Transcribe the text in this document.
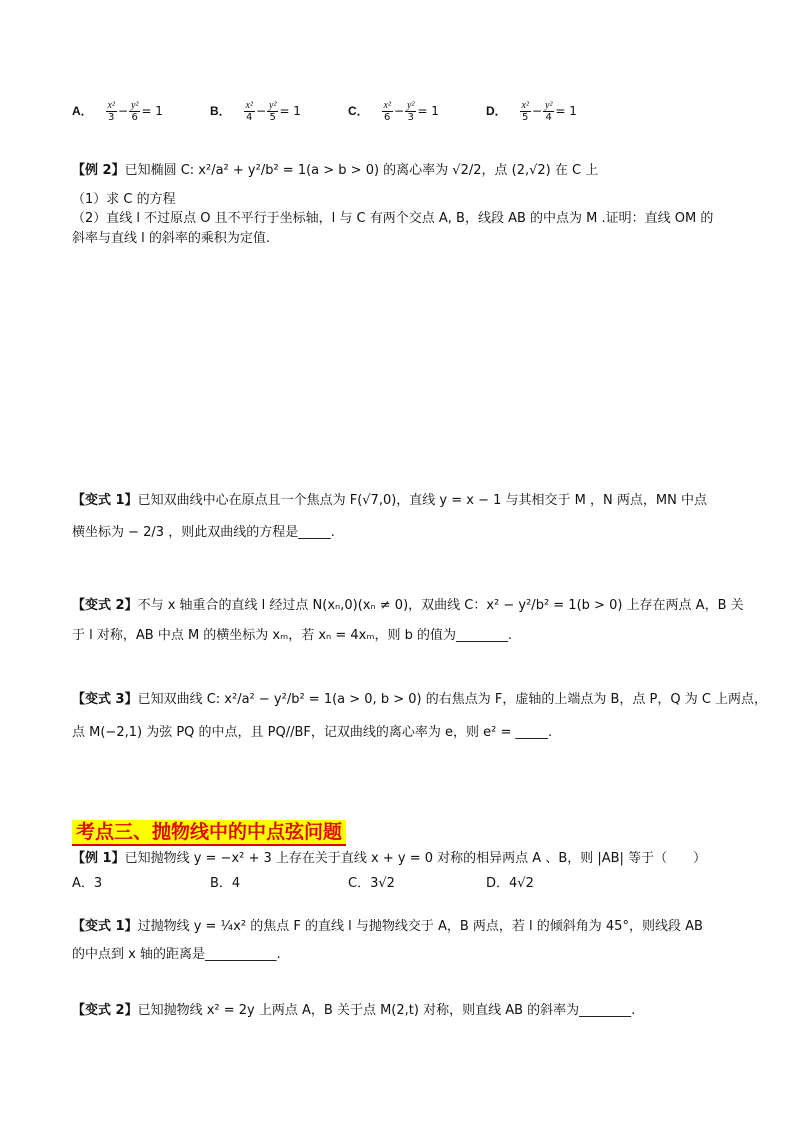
A． $\frac{\text{x²}}{3} - \frac{\text{y²}}{6} = 1$	B． $\frac{\text{x²}}{4} - \frac{\text{y²}}{5} = 1$	C． $\frac{\text{x²}}{6} - \frac{\text{y²}}{3} = 1$	D． $\frac{\text{x²}}{5} - \frac{\text{y²}}{4} = 1$
【例 2】已知椭圆 C: x²/a² + y²/b² = 1(a > b > 0) 的离心率为 √2/2，点 (2,√2) 在 C 上
（1）求 C 的方程
（2）直线 l 不过原点 O 且不平行于坐标轴，l 与 C 有两个交点 A, B，线段 AB 的中点为 M .证明：直线 OM 的
斜率与直线 l 的斜率的乘积为定值.
【变式 1】已知双曲线中心在原点且一个焦点为 F(√7,0)，直线 y = x − 1 与其相交于 M ，N 两点，MN 中点
横坐标为 − 2/3 ，则此双曲线的方程是_____.
【变式 2】不与 x 轴重合的直线 l 经过点 N(xₙ,0)(xₙ ≠ 0)，双曲线 C：x² − y²/b² = 1(b > 0) 上存在两点 A，B 关
于 l 对称，AB 中点 M 的横坐标为 xₘ，若 xₙ = 4xₘ，则 b 的值为________.
【变式 3】已知双曲线 C: x²/a² − y²/b² = 1(a > 0, b > 0) 的右焦点为 F，虚轴的上端点为 B，点 P，Q 为 C 上两点，
点 M(−2,1) 为弦 PQ 的中点，且 PQ//BF，记双曲线的离心率为 e，则 e² = _____.
考点三、抛物线中的中点弦问题
【例 1】已知抛物线 y = −x² + 3 上存在关于直线 x + y = 0 对称的相异两点 A 、B，则 |AB| 等于（　　）
A．3	B．4	C．3√2	D．4√2
【变式 1】过抛物线 y = ¼x² 的焦点 F 的直线 l 与抛物线交于 A，B 两点，若 l 的倾斜角为 45°，则线段 AB
的中点到 x 轴的距离是___________.
【变式 2】已知抛物线 x² = 2y 上两点 A，B 关于点 M(2,t) 对称，则直线 AB 的斜率为________.
